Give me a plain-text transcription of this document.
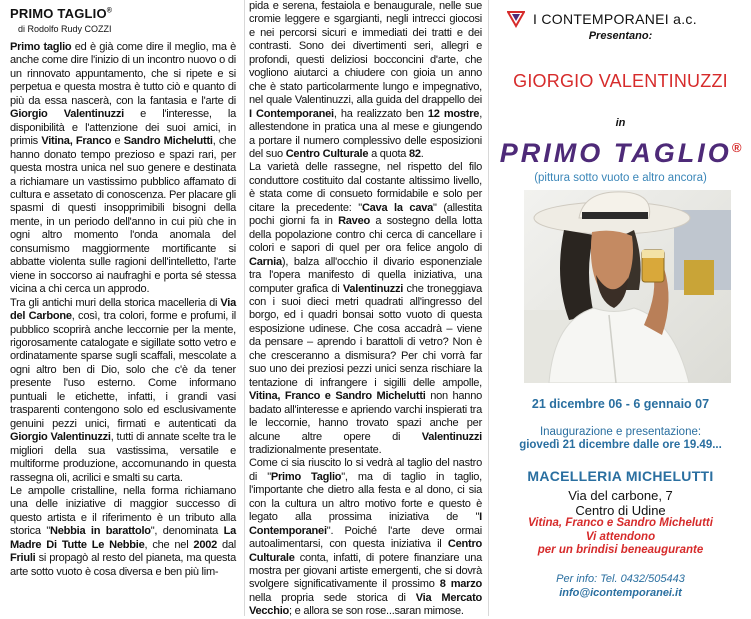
PRIMO TAGLIO®
di Rodolfo Rudy COZZI

Primo taglio ed è già come dire il meglio, ma è anche come dire l'inizio di un incontro nuovo o di un rinnovato appuntamento, che si ripete e si perpetua e questa mostra è tutto ciò e quanto di più da essa nascerà, con la fantasia e l'arte di Giorgio Valentinuzzi e l'interesse, la disponibilità e l'attenzione dei suoi amici, in primis Vitina, Franco e Sandro Michelutti, che hanno donato tempo prezioso e spazi rari, per questa mostra unica nel suo genere e destinata a richiamare un vastissimo pubblico affamato di cultura e assetato di conoscenza. Per placare gli spasmi di questi insopprimibili bisogni della mente, in un periodo dell'anno in cui più che in ogni altro momento l'onda anomala del consumismo maggiormente mortificante si abbatte violenta sulle ragioni dell'intelletto, l'arte viene in soccorso ai naufraghi e porta sé stessa vicina a chi cerca un approdo.

Tra gli antichi muri della storica macelleria di Via del Carbone, così, tra colori, forme e profumi, il pubblico scoprirà anche leccornie per la mente, rigorosamente catalogate e sigillate sotto vetro e ordinatamente sparse sugli scaffali, mescolate a ogni altro ben di Dio, solo che c'è da tener presente l'uso esterno. Come informano puntuali le etichette, infatti, i grandi vasi trasparenti contengono solo ed esclusivamente genuini pezzi unici, firmati e autenticati da Giorgio Valentinuzzi, tutti di annate scelte tra le migliori della sua vastissima, versatile e multiforme produzione, accomunando in questa rassegna oli, acrilici e smalti su carta.

Le ampolle cristalline, nella forma richiamano una delle iniziative di maggior successo di questo artista e il riferimento è un tributo alla storica "Nebbia in barattolo", denominata La Madre Di Tutte Le Nebbie, che nel 2002 dal Friuli si propagò al resto del pianeta, ma questa arte sotto vuoto è cosa diversa e ben più lim-

pida e serena, festaiola e benaugurale, nelle sue cromie leggere e sgargianti, negli intrecci giocosi e nei percorsi sicuri e immediati dei tratti e dei contrasti. Sono dei divertimenti seri, allegri e profondi, questi deliziosi bocconcini d'arte, che vogliono aiutarci a chiudere con gioia un anno che è stato particolarmente lungo e impegnativo, nel quale Valentinuzzi, alla guida del drappello dei I Contemporanei, ha realizzato ben 12 mostre, allestendone in pratica una al mese e giungendo a portare il numero complessivo delle esposizioni del suo Centro Culturale a quota 82.

La varietà delle rassegne, nel rispetto del filo conduttore costituito dal costante altissimo livello, è stata come di consueto formidabile e solo per citare la precedente: "Cava la cava" (allestita pochi giorni fa in Raveo a sostegno della lotta della popolazione contro chi cerca di cancellare i colori e sapori di quel per ora felice angolo di Carnia), balza all'occhio il divario esponenziale tra l'opera manifesto di quella iniziativa, una computer grafica di Valentinuzzi che troneggiava con i suoi dieci metri quadrati all'ingresso del borgo, ed i quadri bonsai sotto vuoto di questa esposizione udinese. Che cosa accadrà – viene da pensare – aprendo i barattoli di vetro? Non è che cresceranno a dismisura? Per chi vorrà far suo uno dei preziosi pezzi unici senza rischiare la tentazione di infrangere i sigilli delle ampolle, Vitina, Franco e Sandro Michelutti non hanno badato all'interesse e apriendo varchi inspierati tra le leccornie, hanno trovato spazi anche per alcune altre opere di Valentinuzzi tradizionalmente presentate.

Come ci sia riuscito lo si vedrà al taglio del nastro di "Primo Taglio", ma di taglio in taglio, l'importante che dietro alla festa e al dono, ci sia con la cultura un altro motivo forte e questo è legato alla prossima iniziativa de "I Contemporanei". Poiché l'arte deve ormai autoalimentarsi, con questa iniziativa il Centro Culturale conta, infatti, di potere finanziare una mostra per giovani artiste emergenti, che si dovrà svolgere significativamente il prossimo 8 marzo nella propria sede storica di Via Mercato Vecchio; e allora se son rose...saran mimose.

I CONTEMPORANEI a.c.
Presentano:
GIORGIO VALENTINUZZI
in
PRIMO TAGLIO®
(pittura sotto vuoto e altro ancora)
21 dicembre 06 - 6 gennaio 07
Inaugurazione e presentazione:
giovedì 21 dicembre dalle ore 19.49...
MACELLERIA MICHELUTTI
Via del carbone, 7
Centro di Udine
Vitina, Franco e Sandro Michelutti
Vi attendono
per un brindisi beneaugurante
Per info: Tel. 0432/505443
info@icontemporanei.it
